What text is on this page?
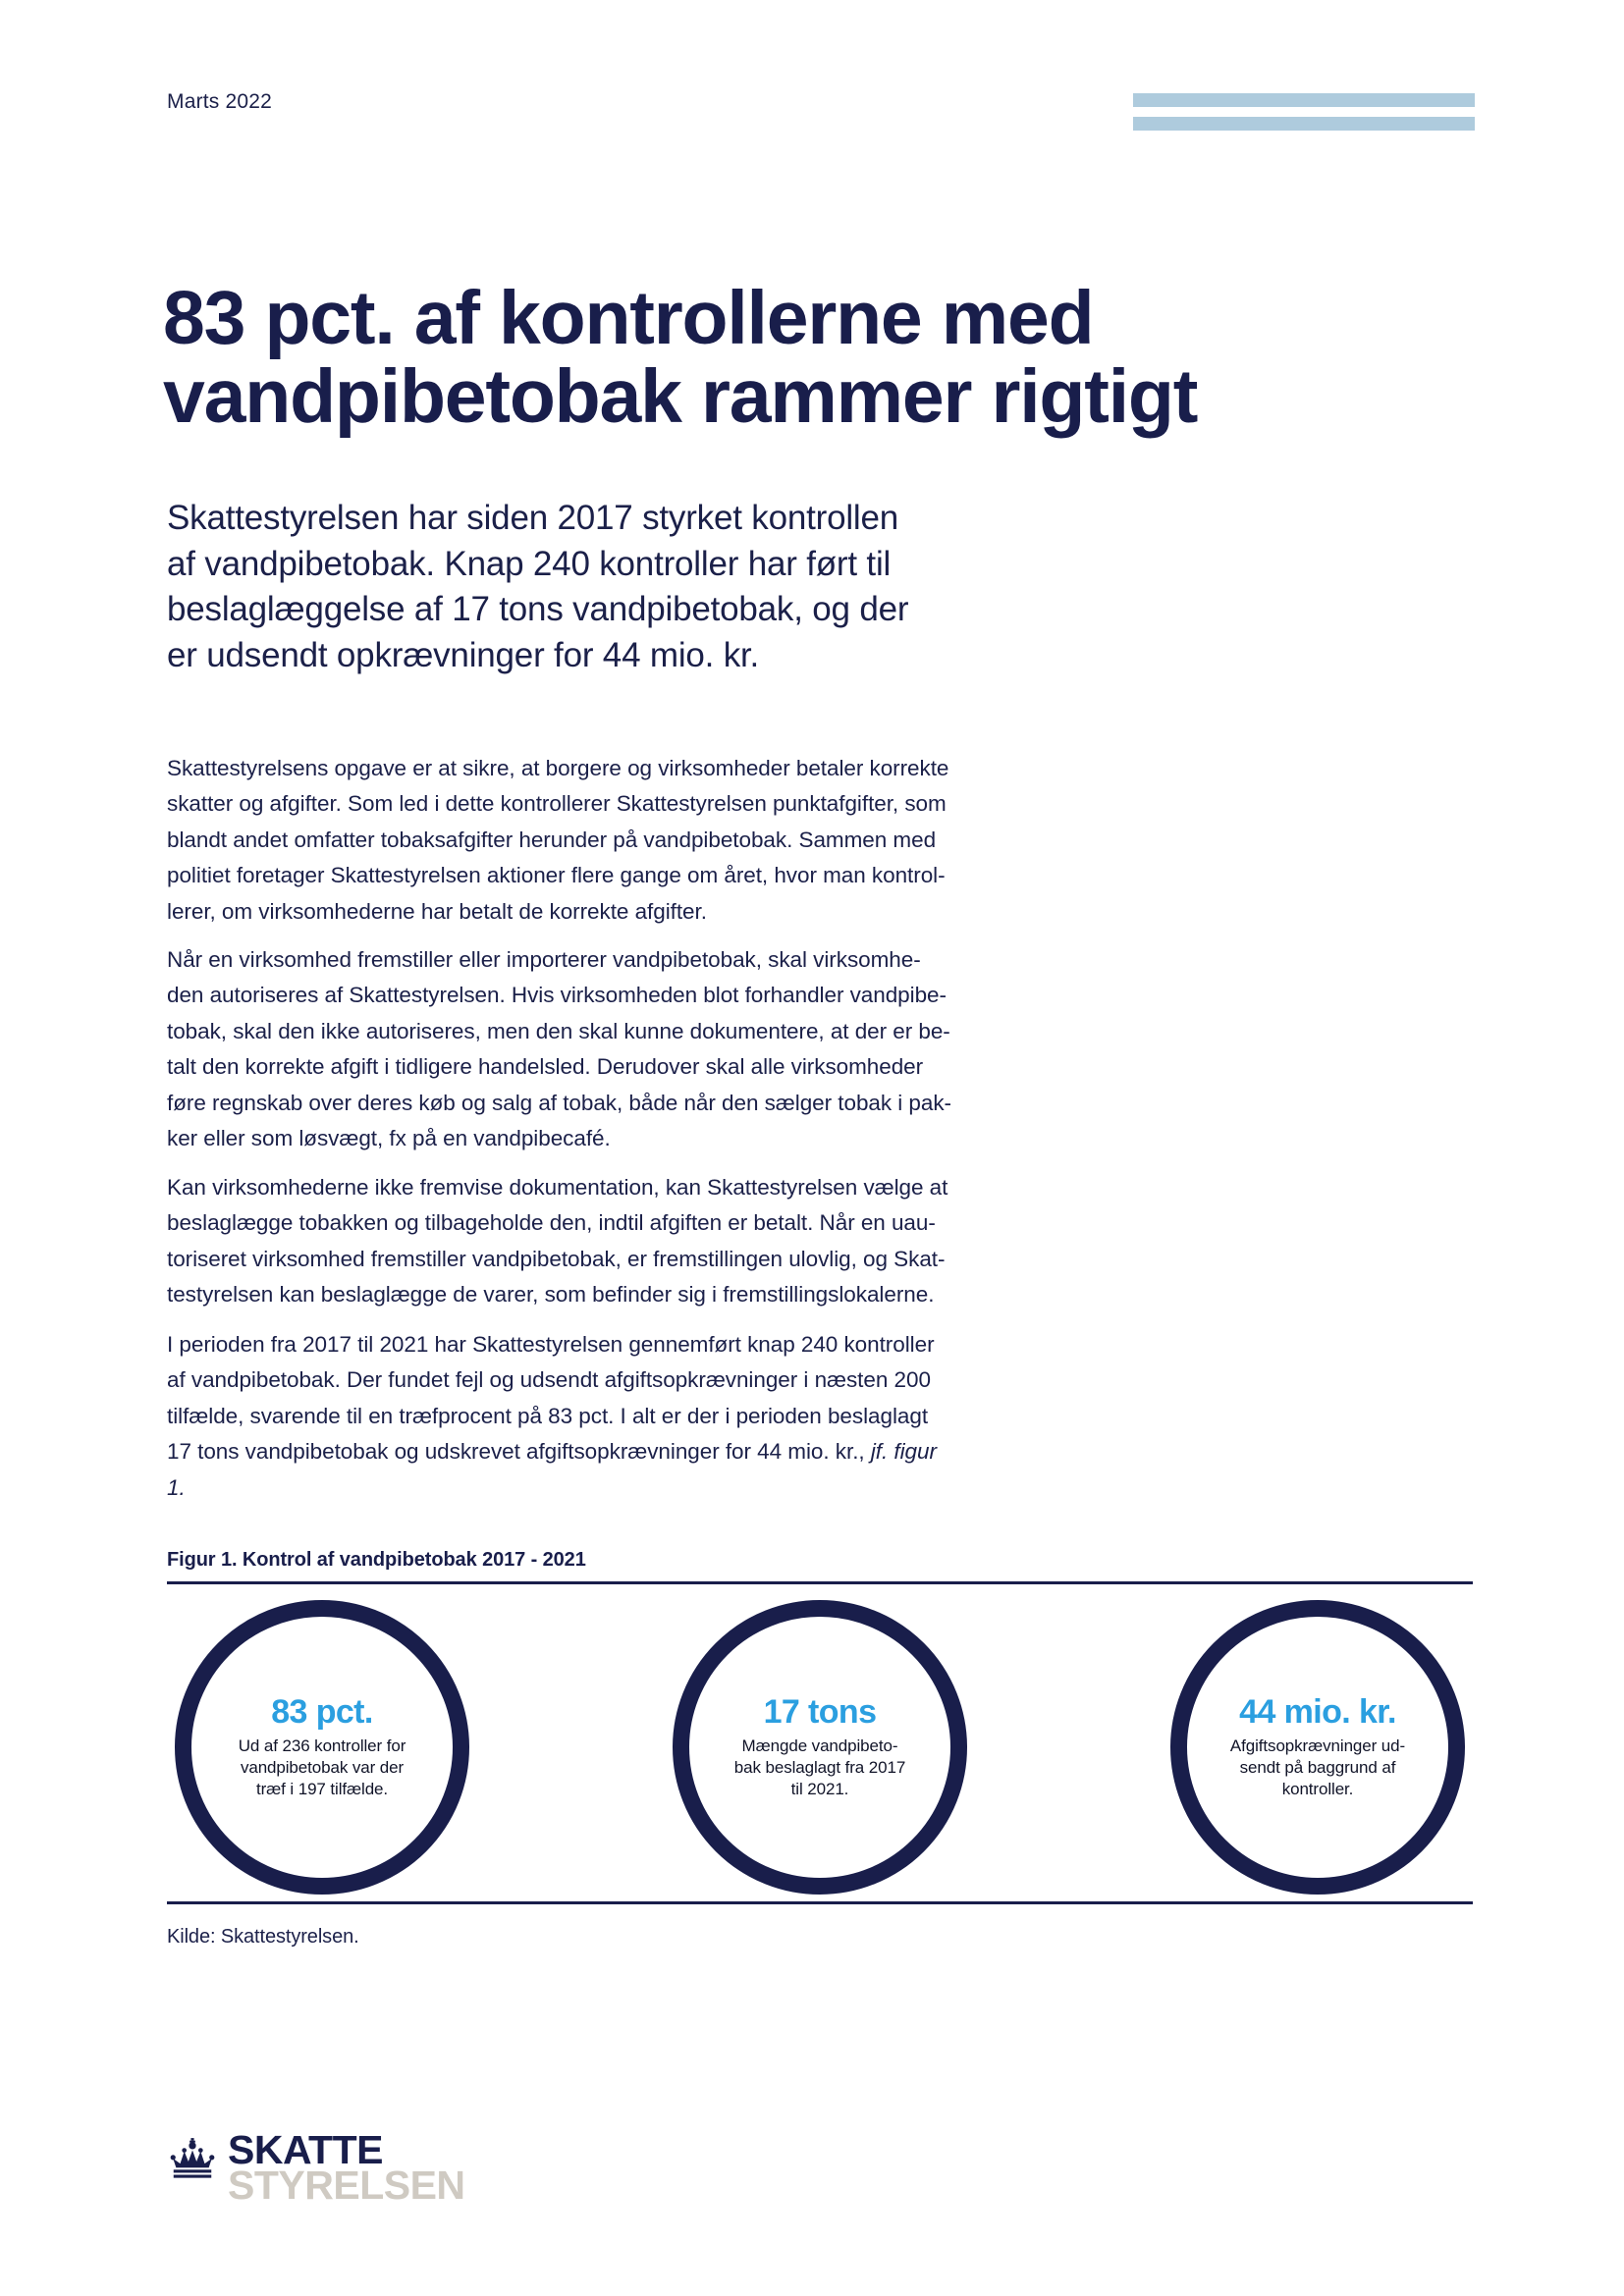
Marts 2022
83 pct. af kontrollerne med
vandpibetobak rammer rigtigt
Skattestyrelsen har siden 2017 styrket kontrollen
af vandpibetobak. Knap 240 kontroller har ført til
beslaglæggelse af 17 tons vandpibetobak, og der
er udsendt opkrævninger for 44 mio. kr.
Skattestyrelsens opgave er at sikre, at borgere og virksomheder betaler korrekte
skatter og afgifter. Som led i dette kontrollerer Skattestyrelsen punktafgifter, som
blandt andet omfatter tobaksafgifter herunder på vandpibetobak. Sammen med
politiet foretager Skattestyrelsen aktioner flere gange om året, hvor man kontrol-
lerer, om virksomhederne har betalt de korrekte afgifter.
Når en virksomhed fremstiller eller importerer vandpibetobak, skal virksomhe-
den autoriseres af Skattestyrelsen. Hvis virksomheden blot forhandler vandpibe-
tobak, skal den ikke autoriseres, men den skal kunne dokumentere, at der er be-
talt den korrekte afgift i tidligere handelsled. Derudover skal alle virksomheder
føre regnskab over deres køb og salg af tobak, både når den sælger tobak i pak-
ker eller som løsvægt, fx på en vandpibecafé.
Kan virksomhederne ikke fremvise dokumentation, kan Skattestyrelsen vælge at
beslaglægge tobakken og tilbageholde den, indtil afgiften er betalt. Når en uau-
toriseret virksomhed fremstiller vandpibetobak, er fremstillingen ulovlig, og Skat-
testyrelsen kan beslaglægge de varer, som befinder sig i fremstillingslokalerne.
I perioden fra 2017 til 2021 har Skattestyrelsen gennemført knap 240 kontroller
af vandpibetobak. Der fundet fejl og udsendt afgiftsopkrævninger i næsten 200
tilfælde, svarende til en træfprocent på 83 pct. I alt er der i perioden beslaglagt
17 tons vandpibetobak og udskrevet afgiftsopkrævninger for 44 mio. kr., jf. figur
1.
Figur 1. Kontrol af vandpibetobak 2017 - 2021
83 pct.
Ud af 236 kontroller for
vandpibetobak var der
træf i 197 tilfælde.
17 tons
Mængde vandpibeto-
bak beslaglagt fra 2017
til 2021.
44 mio. kr.
Afgiftsopkrævninger ud-
sendt på baggrund af
kontroller.
Kilde: Skattestyrelsen.
SKATTE
STYRELSEN
